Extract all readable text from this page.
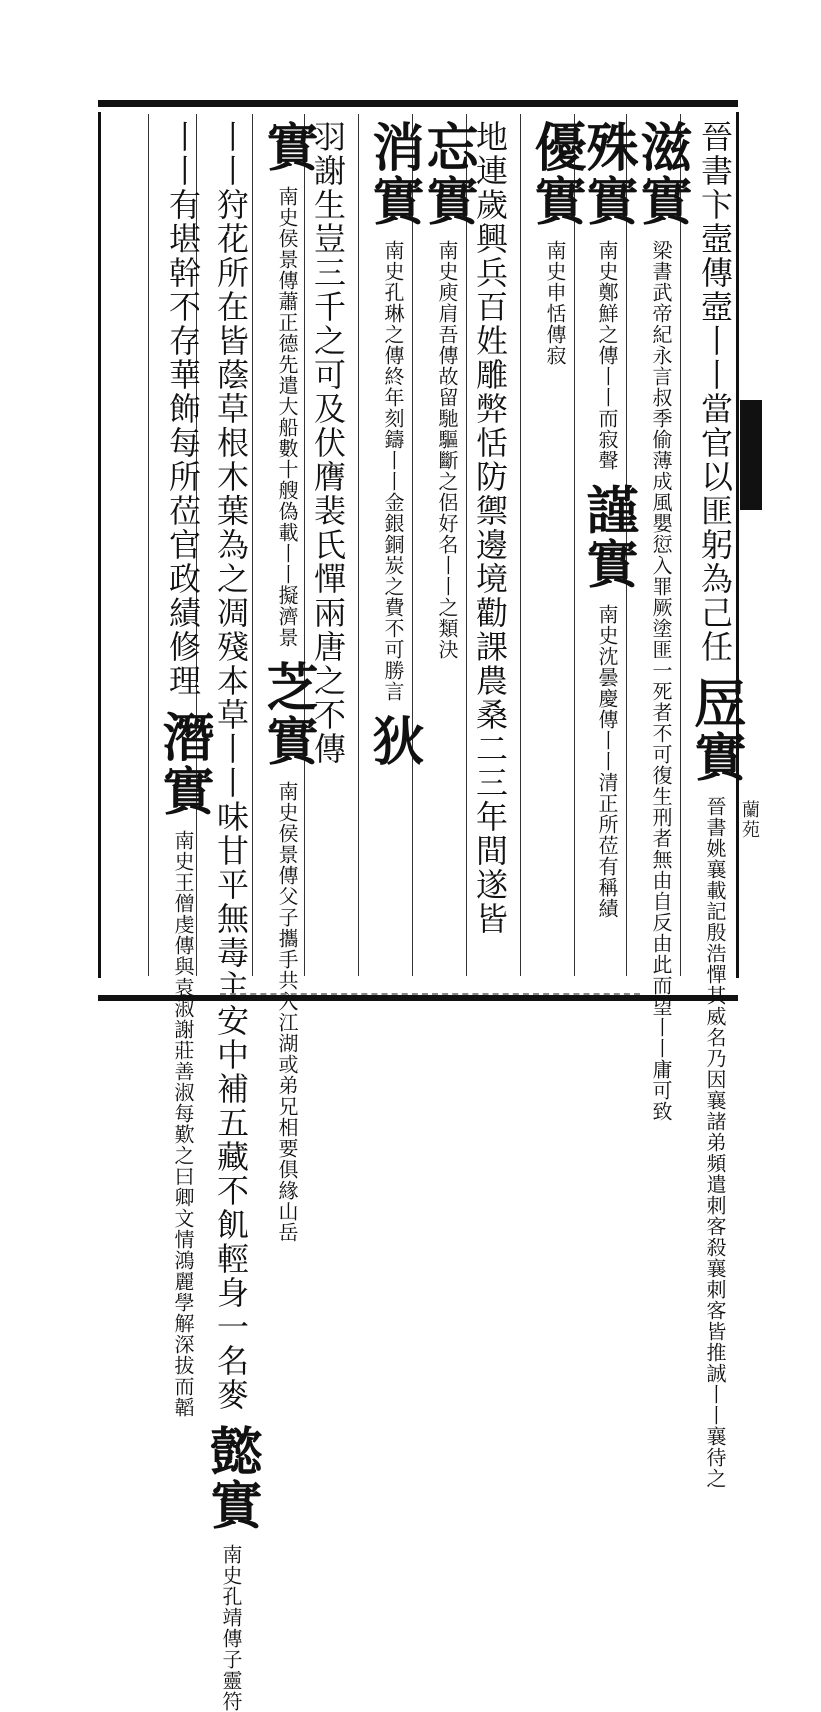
蘭苑
晉書卞壼傳壼丨丨當官以匪躬為己任 㞐實 晉書姚襄載記殷浩憚其威名乃因襄諸弟頻遣刺客殺襄刺客皆推誠丨丨襄待之
滋實 梁書武帝紀永言叔季偷薄成風嬰愆入罪厥塗匪一死者不可復生刑者無由自反由此而望丨丨庸可致
殊實 南史鄭鮮之傳丨丨而寂聲 謹實 南史沈曇慶傳丨丨清正所莅有稱績
優實 南史申恬傳寂
地連歲興兵百姓雕弊恬防禦邊境勸課農桑二三年間遂皆
忘實 南史庾肩吾傳故留馳驅斷之侶好名丨丨之類決
消實 南史孔琳之傳終年刻鑄丨丨金銀銅炭之費不可勝言 狄
羽謝生豈三千之可及伏膺裴氏憚兩唐之不傳
實 南史侯景傳蕭正德先遣大船數十艘偽載丨丨擬濟景 芝實 南史侯景傳父子攜手共入江湖或弟兄相要俱緣山岳
丨丨狩花所在皆蔭草根木葉為之凋殘本草丨丨味甘平無毒主安中補五藏不飢輕身一名麥 懿實 南史孔靖傳子靈符
丨丨有堪幹不存華飾每所莅官政績修理 潛實 南史王僧虔傳與袁淑謝莊善淑每歎之曰卿文情鴻麗學解深拔而韜
